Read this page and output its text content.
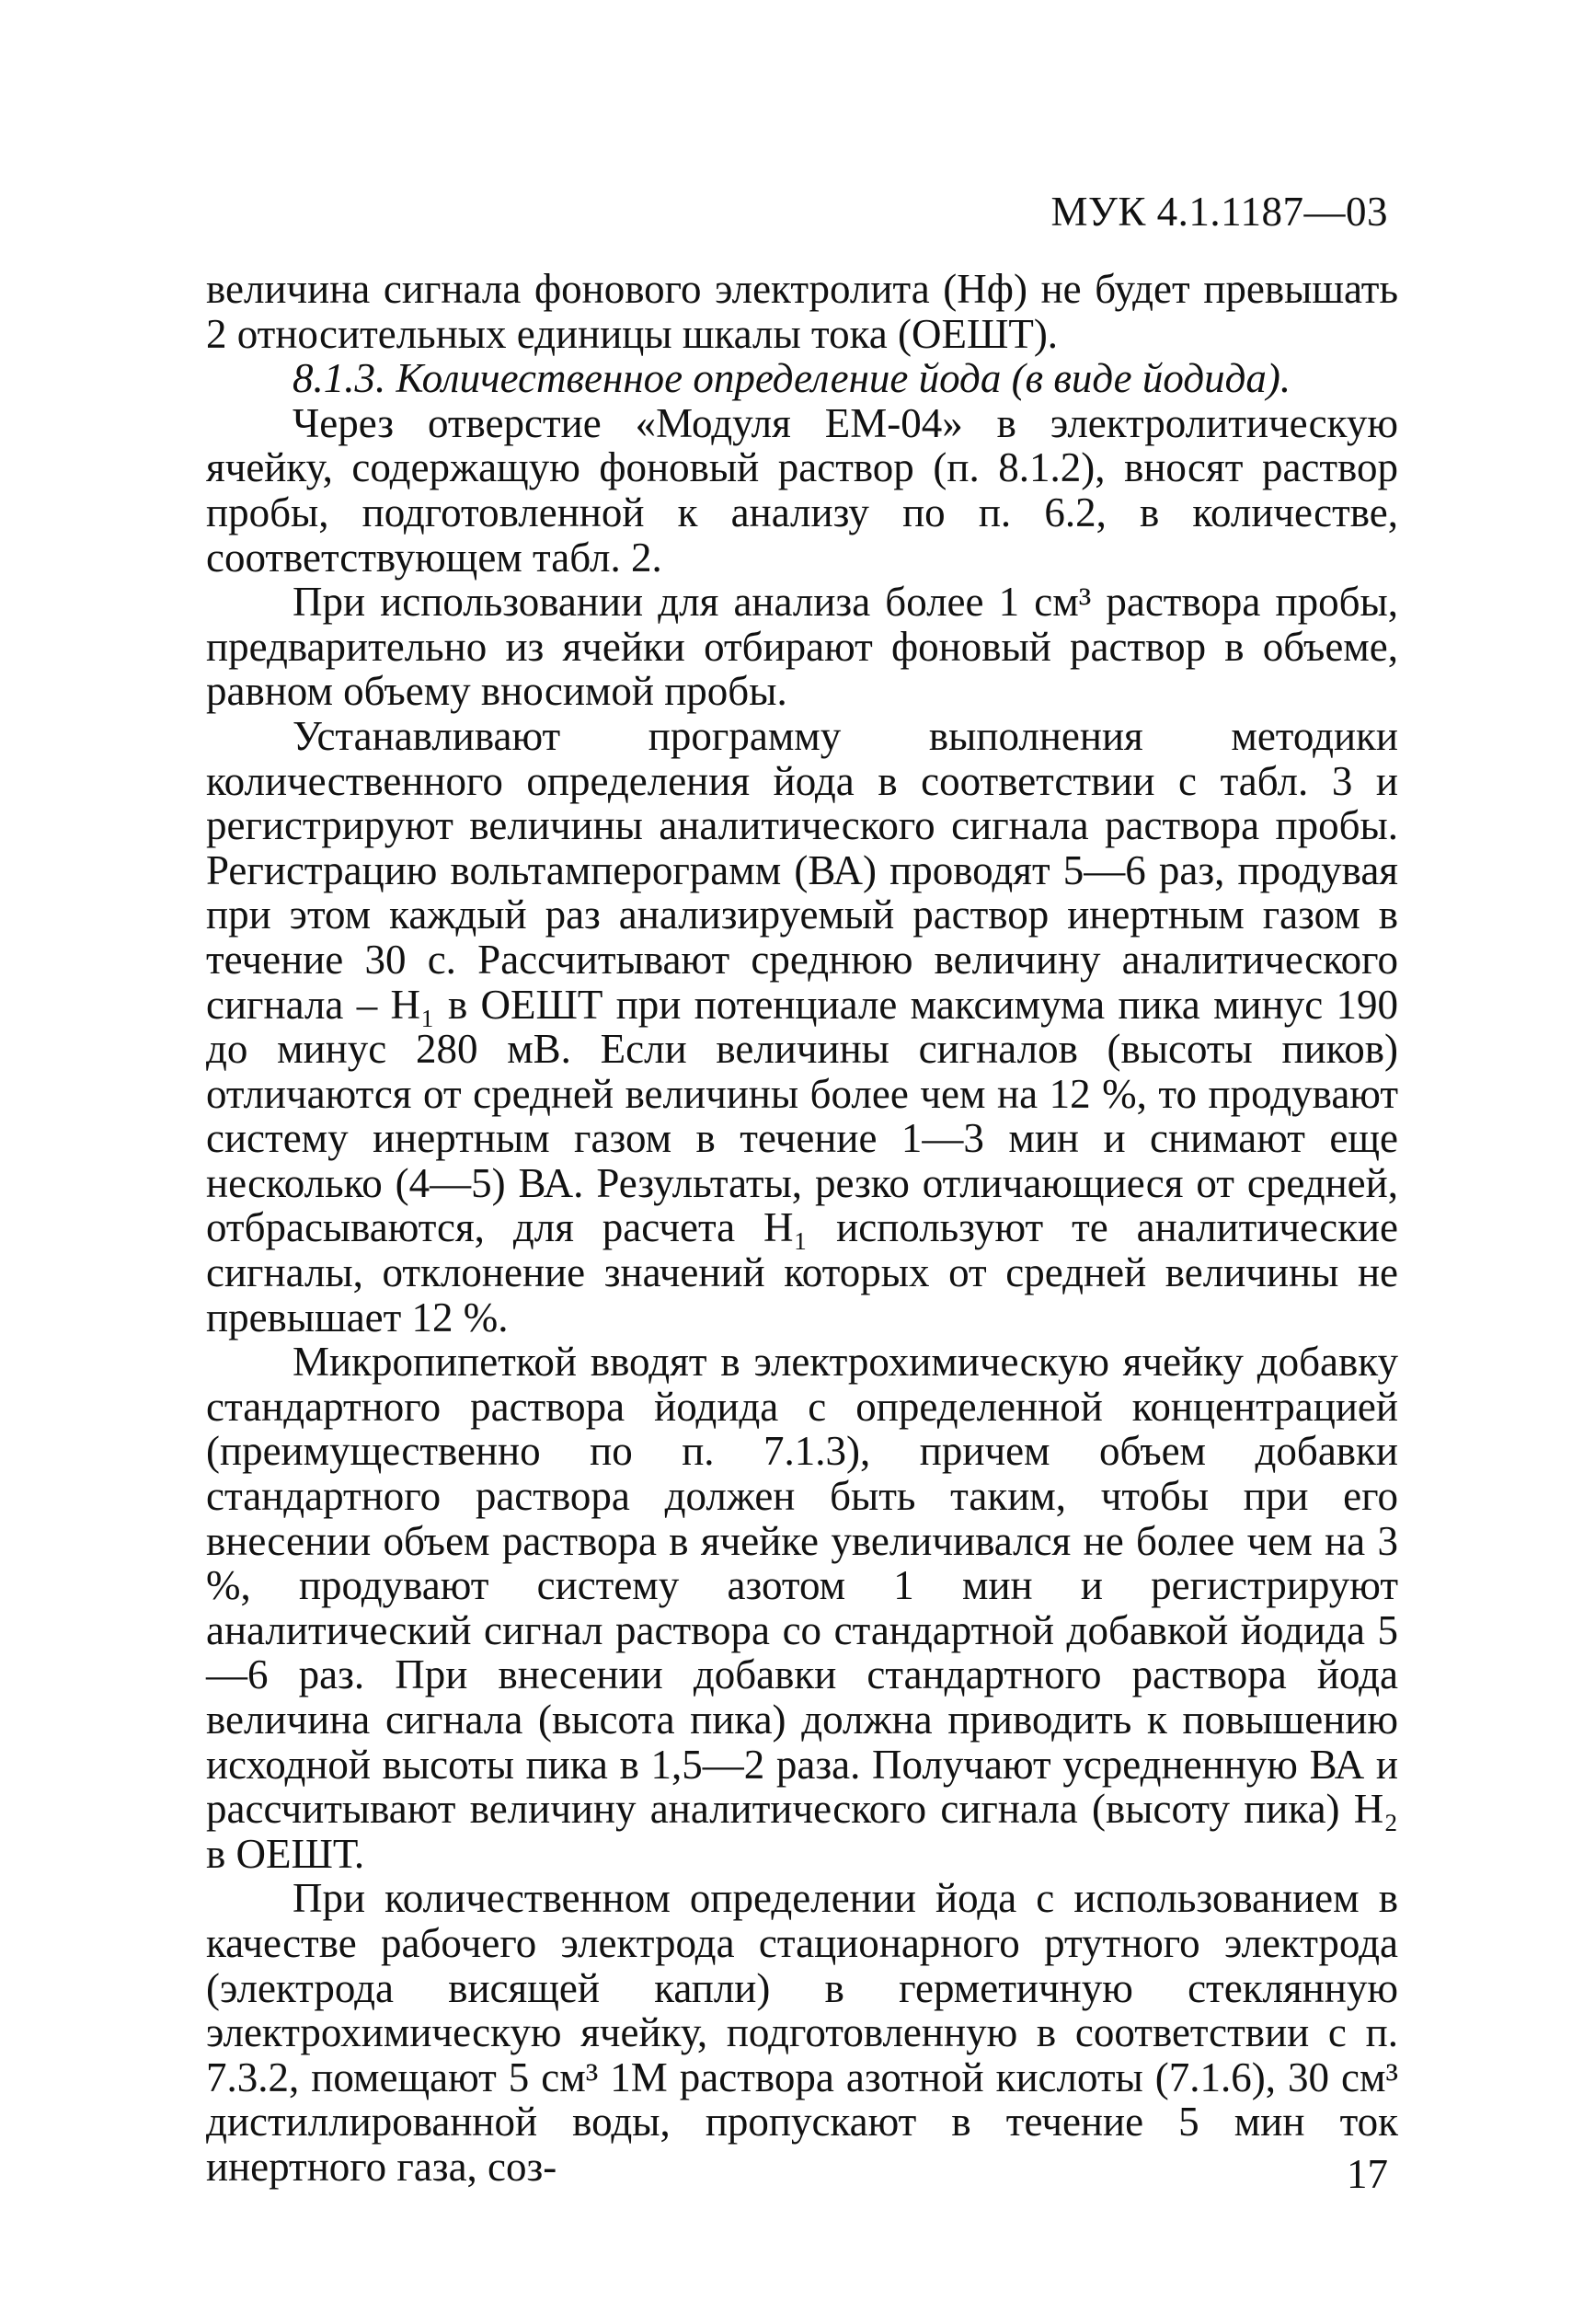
МУК 4.1.1187—03

величина сигнала фонового электролита (Нф) не будет превышать 2 относительных единицы шкалы тока (ОЕШТ).

8.1.3. Количественное определение йода (в виде йодида).

Через отверстие «Модуля ЕМ-04» в электролитическую ячейку, содержащую фоновый раствор (п. 8.1.2), вносят раствор пробы, подготовленной к анализу по п. 6.2, в количестве, соответствующем табл. 2.

При использовании для анализа более 1 см³ раствора пробы, предварительно из ячейки отбирают фоновый раствор в объеме, равном объему вносимой пробы.

Устанавливают программу выполнения методики количественного определения йода в соответствии с табл. 3 и регистрируют величины аналитического сигнала раствора пробы. Регистрацию вольтамперограмм (ВА) проводят 5—6 раз, продувая при этом каждый раз анализируемый раствор инертным газом в течение 30 с. Рассчитывают среднюю величину аналитического сигнала – H₁ в ОЕШТ при потенциале максимума пика минус 190 до минус 280 мВ. Если величины сигналов (высоты пиков) отличаются от средней величины более чем на 12 %, то продувают систему инертным газом в течение 1—3 мин и снимают еще несколько (4—5) ВА. Результаты, резко отличающиеся от средней, отбрасываются, для расчета H₁ используют те аналитические сигналы, отклонение значений которых от средней величины не превышает 12 %.

Микропипеткой вводят в электрохимическую ячейку добавку стандартного раствора йодида с определенной концентрацией (преимущественно по п. 7.1.3), причем объем добавки стандартного раствора должен быть таким, чтобы при его внесении объем раствора в ячейке увеличивался не более чем на 3 %, продувают систему азотом 1 мин и регистрируют аналитический сигнал раствора со стандартной добавкой йодида 5—6 раз. При внесении добавки стандартного раствора йода величина сигнала (высота пика) должна приводить к повышению исходной высоты пика в 1,5—2 раза. Получают усредненную ВА и рассчитывают величину аналитического сигнала (высоту пика) H₂ в ОЕШТ.

При количественном определении йода с использованием в качестве рабочего электрода стационарного ртутного электрода (электрода висящей капли) в герметичную стеклянную электрохимическую ячейку, подготовленную в соответствии с п. 7.3.2, помещают 5 см³ 1М раствора азотной кислоты (7.1.6), 30 см³ дистиллированной воды, пропускают в течение 5 мин ток инертного газа, соз-	17
